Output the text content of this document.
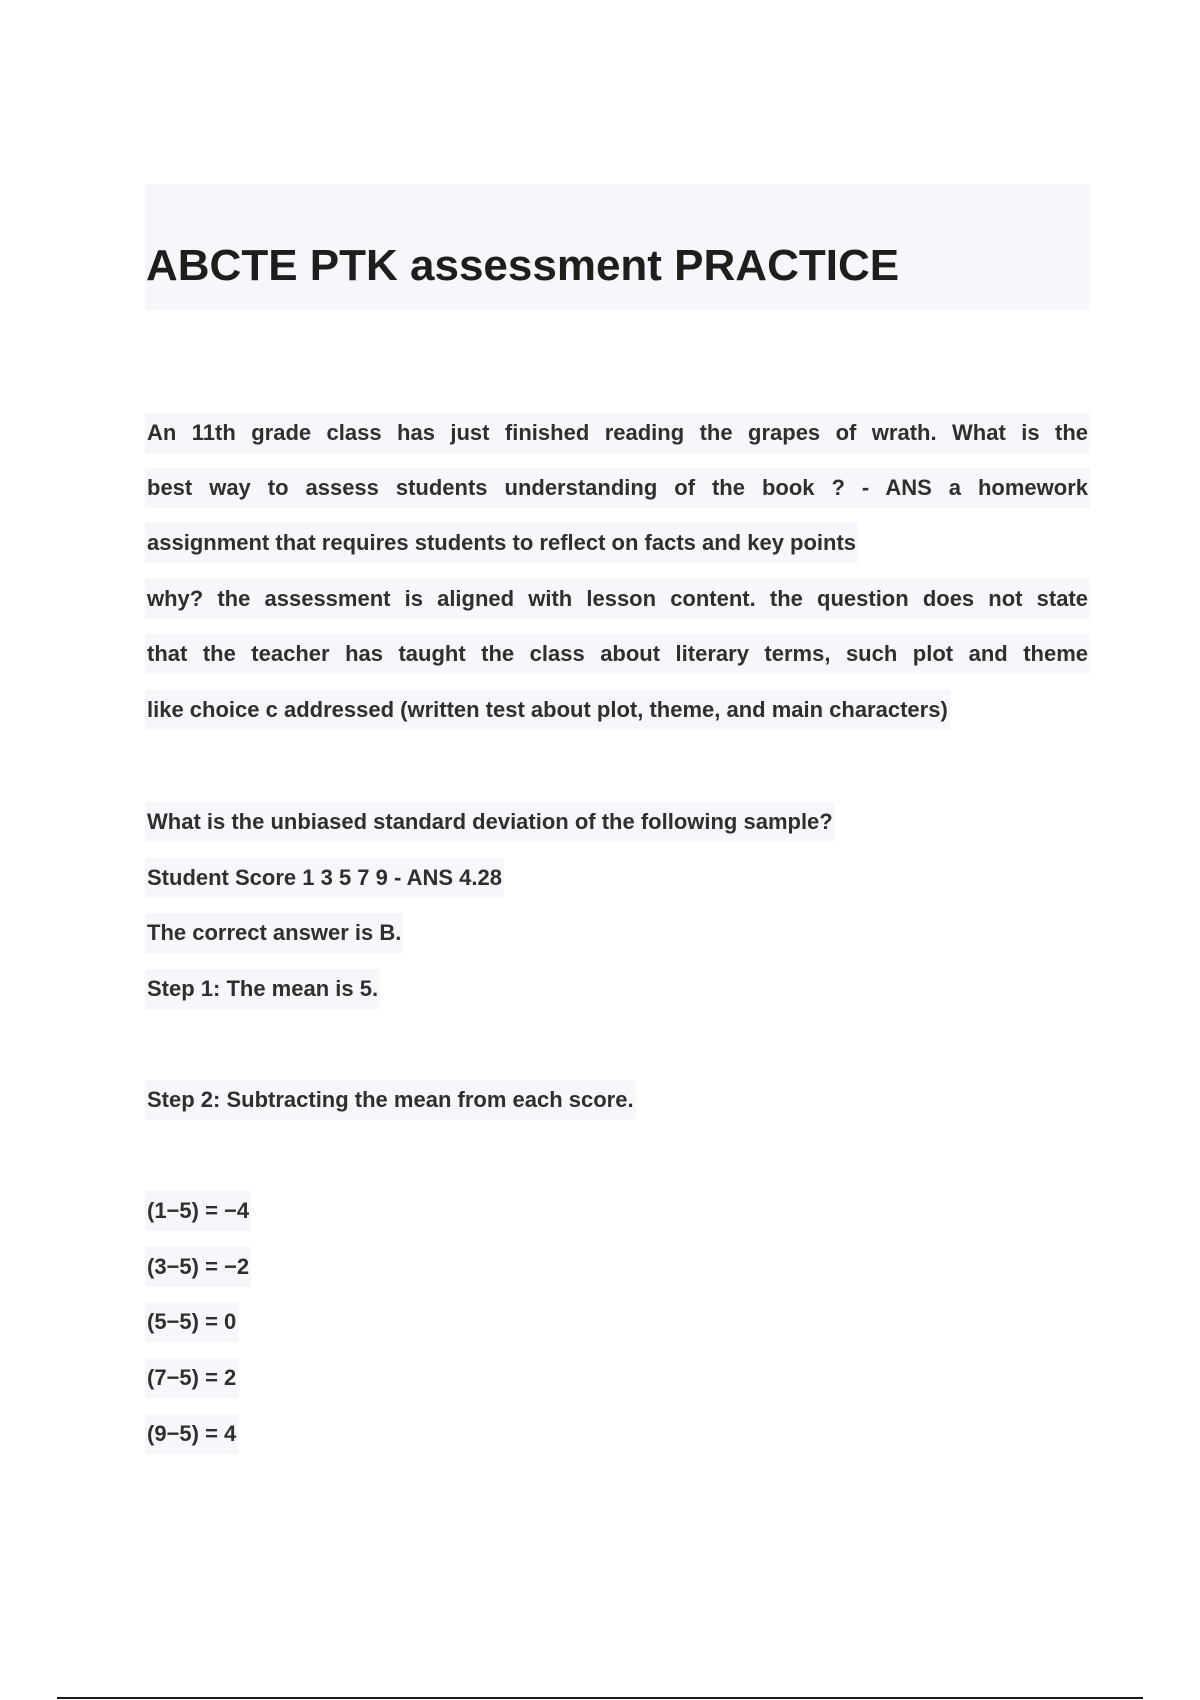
ABCTE PTK assessment PRACTICE
An 11th grade class has just finished reading the grapes of wrath. What is the
best way to assess students understanding of the book ? - ANS a homework
assignment that requires students to reflect on facts and key points
why? the assessment is aligned with lesson content. the question does not state
that the teacher has taught the class about literary terms, such plot and theme
like choice c addressed (written test about plot, theme, and main characters)
What is the unbiased standard deviation of the following sample?
Student Score 1 3 5 7 9 - ANS 4.28
The correct answer is B.
Step 1: The mean is 5.
Step 2: Subtracting the mean from each score.
(1−5) = −4
(3−5) = −2
(5−5) = 0
(7−5) = 2
(9−5) = 4
